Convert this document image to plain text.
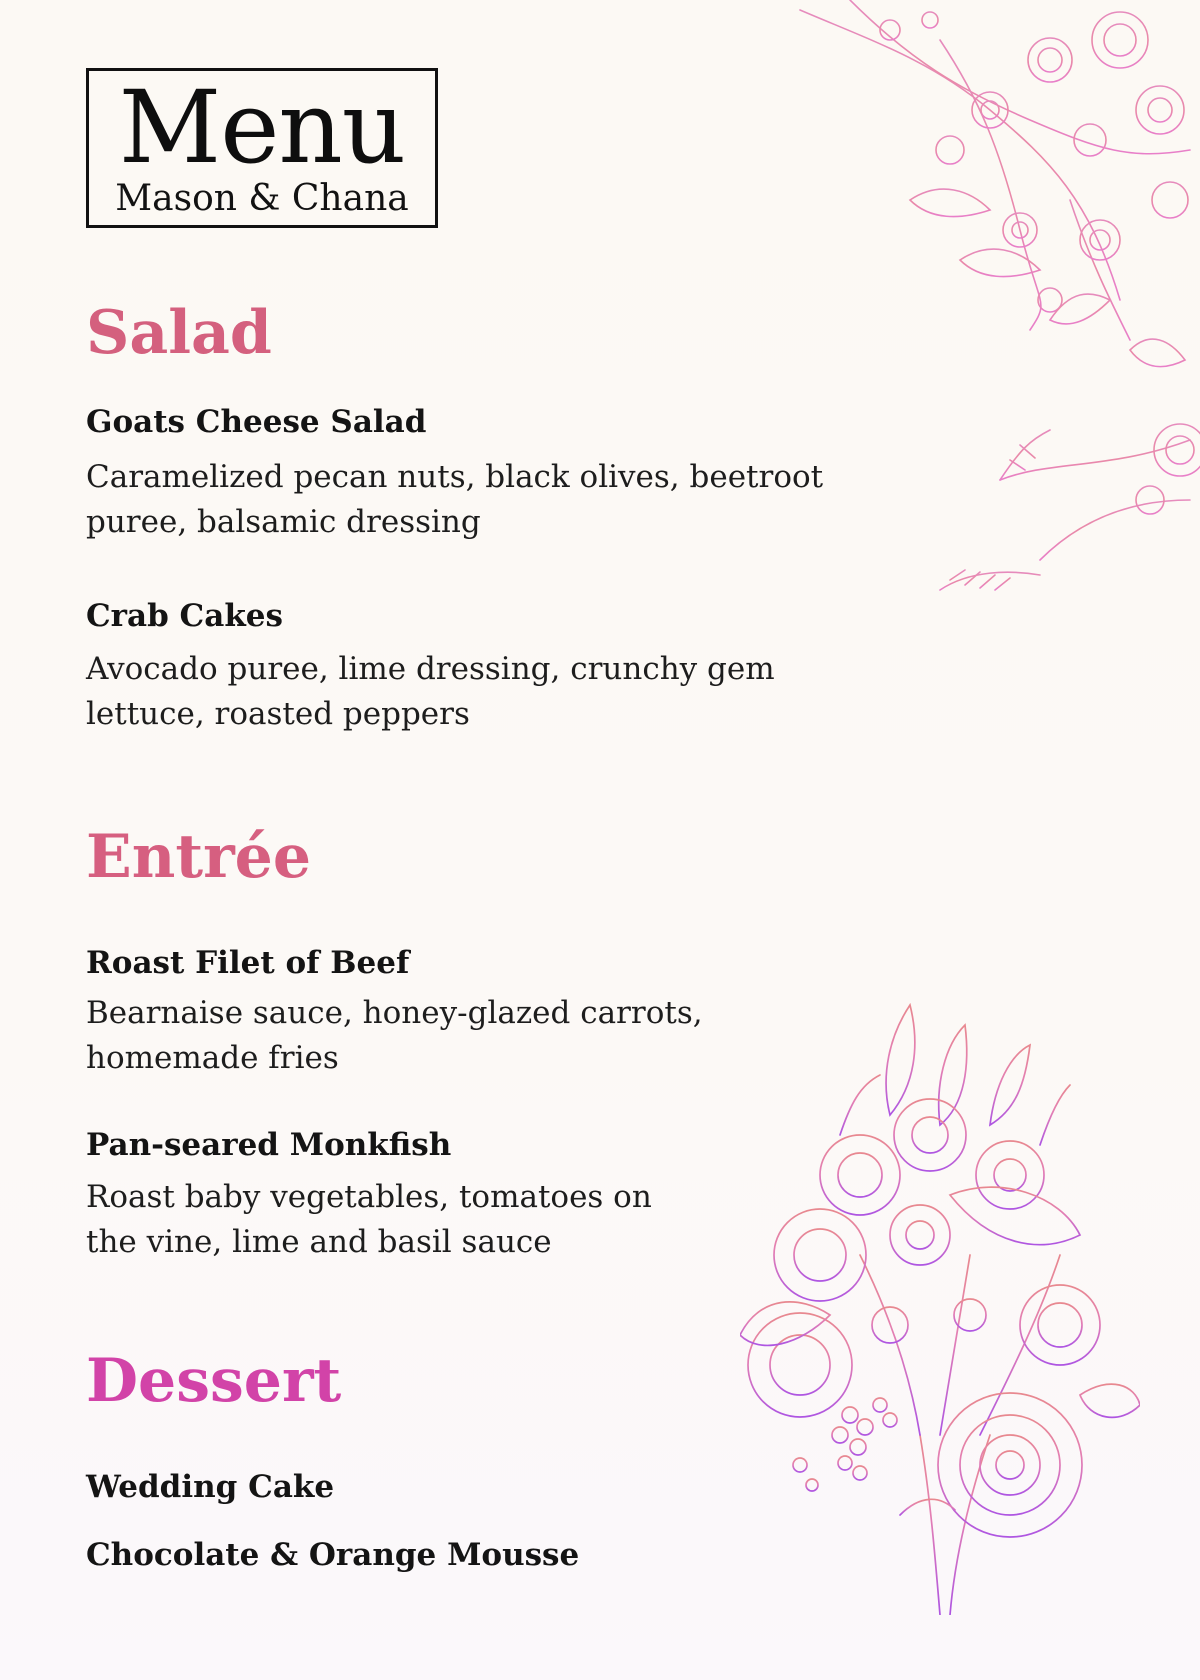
Menu
Mason & Chana
Salad
Goats Cheese Salad
Caramelized pecan nuts, black olives, beetroot
puree, balsamic dressing
Crab Cakes
Avocado puree, lime dressing, crunchy gem
lettuce, roasted peppers
Entrée
Roast Filet of Beef
Bearnaise sauce, honey-glazed carrots,
homemade fries
Pan-seared Monkfish
Roast baby vegetables, tomatoes on
the vine, lime and basil sauce
Dessert
Wedding Cake
Chocolate & Orange Mousse
